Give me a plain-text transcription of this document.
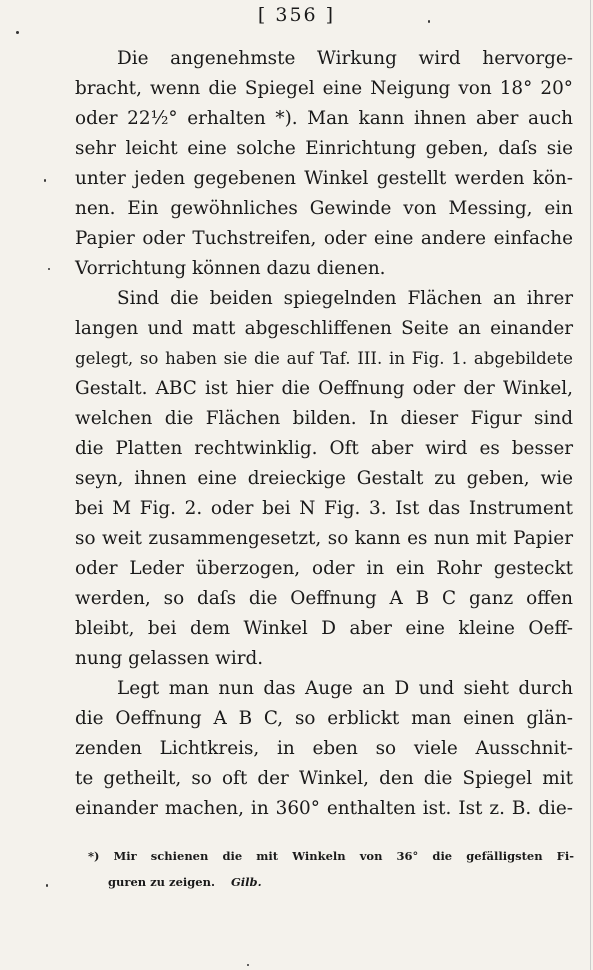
[ 356 ]
Die angenehmste Wirkung wird hervorge-
bracht, wenn die Spiegel eine Neigung von 18° 20°
oder 22½° erhalten *). Man kann ihnen aber auch
sehr leicht eine solche Einrichtung geben, daſs sie
unter jeden gegebenen Winkel gestellt werden kön-
nen. Ein gewöhnliches Gewinde von Messing, ein
Papier oder Tuchstreifen, oder eine andere einfache
Vorrichtung können dazu dienen.
Sind die beiden spiegelnden Flächen an ihrer
langen und matt abgeschliffenen Seite an einander
gelegt, so haben sie die auf Taf. III. in Fig. 1. abgebildete
Gestalt. ABC ist hier die Oeffnung oder der Winkel,
welchen die Flächen bilden. In dieser Figur sind
die Platten rechtwinklig. Oft aber wird es besser
seyn, ihnen eine dreieckige Gestalt zu geben, wie
bei M Fig. 2. oder bei N Fig. 3. Ist das Instrument
so weit zusammengesetzt, so kann es nun mit Papier
oder Leder überzogen, oder in ein Rohr gesteckt
werden, so daſs die Oeffnung A B C ganz offen
bleibt, bei dem Winkel D aber eine kleine Oeff-
nung gelassen wird.
Legt man nun das Auge an D und sieht durch
die Oeffnung A B C, so erblickt man einen glän-
zenden Lichtkreis, in eben so viele Ausschnit-
te getheilt, so oft der Winkel, den die Spiegel mit
einander machen, in 360° enthalten ist. Ist z. B. die-
*) Mir schienen die mit Winkeln von 36° die gefälligsten Fi-
guren zu zeigen. Gilb.
